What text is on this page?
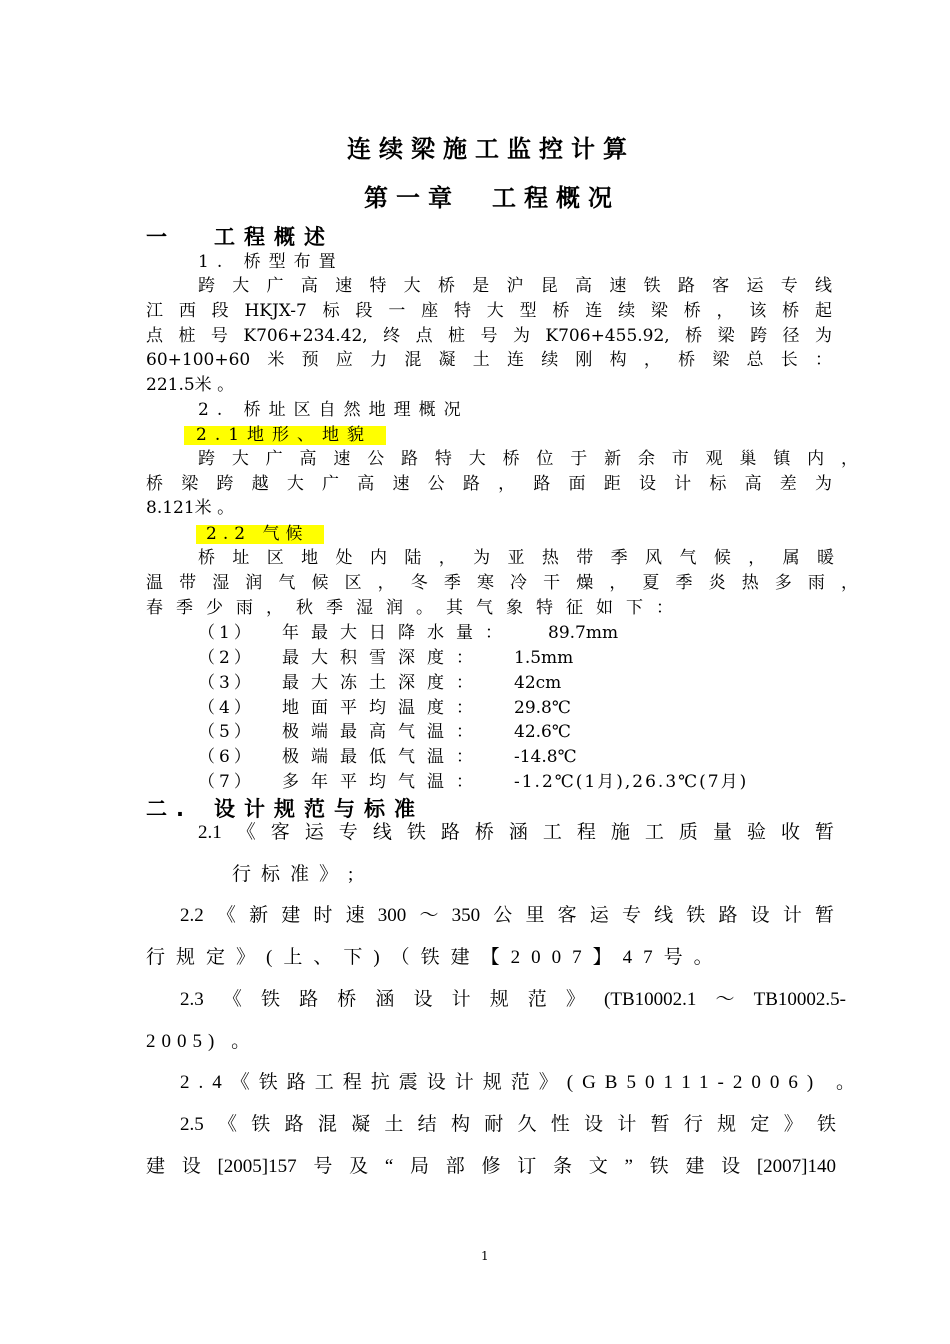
连续梁施工监控计算
第一章　工程概况
一 工程概述
1. 桥型布置
跨大广高速特大桥是沪昆高速铁路客运专线
江西段HKJX-7标段一座特大型桥连续梁桥，该桥起
点桩号K706+234.42,终点桩号为K706+455.92,桥梁跨径为
60+100+60米预应力混凝土连续刚构，桥梁总长：
221.5米 。
2. 桥址区自然地理概况
2.1地形、地貌
跨大广高速公路特大桥位于新余市观巢镇内，
桥梁跨越大广高速公路，路面距设计标高差为
8.121米 。
2.2 气候
桥址区地处内陆，为亚热带季风气候，属暖
温带湿润气候区，冬季寒冷干燥，夏季炎热多雨，
春季少雨，秋季湿润。其气象特征如下：
（1） 年最大日降水量： 89.7mm
（2） 最大积雪深度： 1.5mm
（3） 最大冻土深度： 42cm
（4） 地面平均温度： 29.8℃
（5） 极端最高气温： 42.6℃
（6） 极端最低气温： -14.8℃
（7） 多年平均气温： -1.2℃(1月),26.3℃(7月)
二. 设计规范与标准
2.1《客运专线铁路桥涵工程施工质量验收暂
行标准》;
2.2《新建时速300～350公里客运专线铁路设计暂
行规定》(上、下)（铁建【2007】47号。
2.3《铁路桥涵设计规范》(TB10002.1～TB10002.5-
2005) 。
2.4《铁路工程抗震设计规范》(GB50111-2006) 。
2.5《铁路混凝土结构耐久性设计暂行规定》铁
建设[2005]157号及“局部修订条文”铁建设[2007]140
1
